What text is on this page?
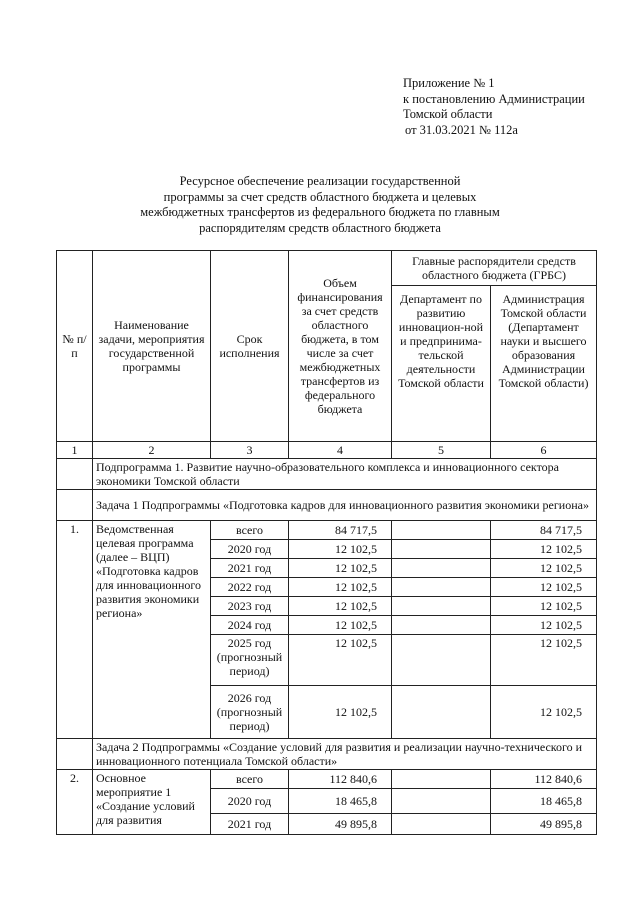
Приложение № 1
к постановлению Администрации
Томской области
от 31.03.2021 № 112а
Ресурсное обеспечение реализации государственной
программы за счет средств областного бюджета и целевых
межбюджетных трансфертов из федерального бюджета по главным
распорядителям средств областного бюджета
№ п/п	Наименование задачи, мероприятия государственной программы	Срок исполнения	Объем финансирования за счет средств областного бюджета, в том числе за счет межбюджетных трансфертов из федерального бюджета	Главные распорядители средств областного бюджета (ГРБС)	
				Департамент по развитию инновацион-ной и предпринима-тельской деятельности Томской области	Администрация Томской области (Департамент науки и высшего образования Администрации Томской области)
1	2	3	4	5	6
	Подпрограмма 1. Развитие научно-образовательного комплекса и инновационного сектора экономики Томской области				
	Задача 1 Подпрограммы «Подготовка кадров для инновационного развития экономики региона»				
1.	Ведомственная целевая программа (далее – ВЦП) «Подготовка кадров для инновационного развития экономики региона»	всего	84 717,5		84 717,5
		2020 год	12 102,5		12 102,5
		2021 год	12 102,5		12 102,5
		2022 год	12 102,5		12 102,5
		2023 год	12 102,5		12 102,5
		2024 год	12 102,5		12 102,5
		2025 год (прогнозный период)	12 102,5		12 102,5
		2026 год (прогнозный период)	12 102,5		12 102,5
	Задача 2 Подпрограммы «Создание условий для развития и реализации научно-технического и инновационного потенциала Томской области»				
2.	Основное мероприятие 1 «Создание условий для развития	всего	112 840,6		112 840,6
		2020 год	18 465,8		18 465,8
		2021 год	49 895,8		49 895,8
